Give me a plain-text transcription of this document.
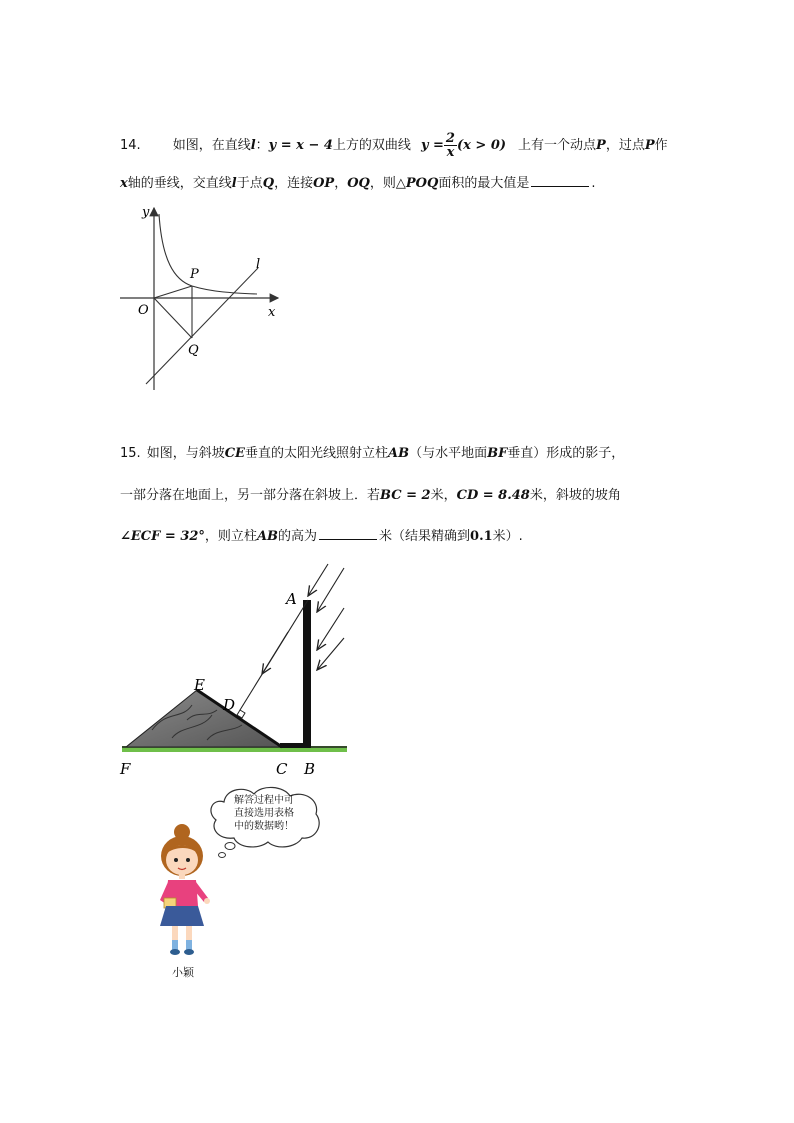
14. 如图，在直线l：y = x − 4上方的双曲线 $y = \frac{2}{x} (x > 0)$ 上有一个动点P，过点P作
x轴的垂线，交直线l于点Q，连接OP，OQ，则△POQ面积的最大值是	.
y
x
O
P
Q
l
15. 如图，与斜坡CE垂直的太阳光线照射立柱AB（与水平地面BF垂直）形成的影子，
一部分落在地面上，另一部分落在斜坡上．若BC = 2米，CD = 8.48米，斜坡的坡角
∠ECF = 32°，则立柱AB的高为	米（结果精确到0.1米）.
A
E
D
F	C B
解答过程中可
直接选用表格
中的数据哟！
小颖
